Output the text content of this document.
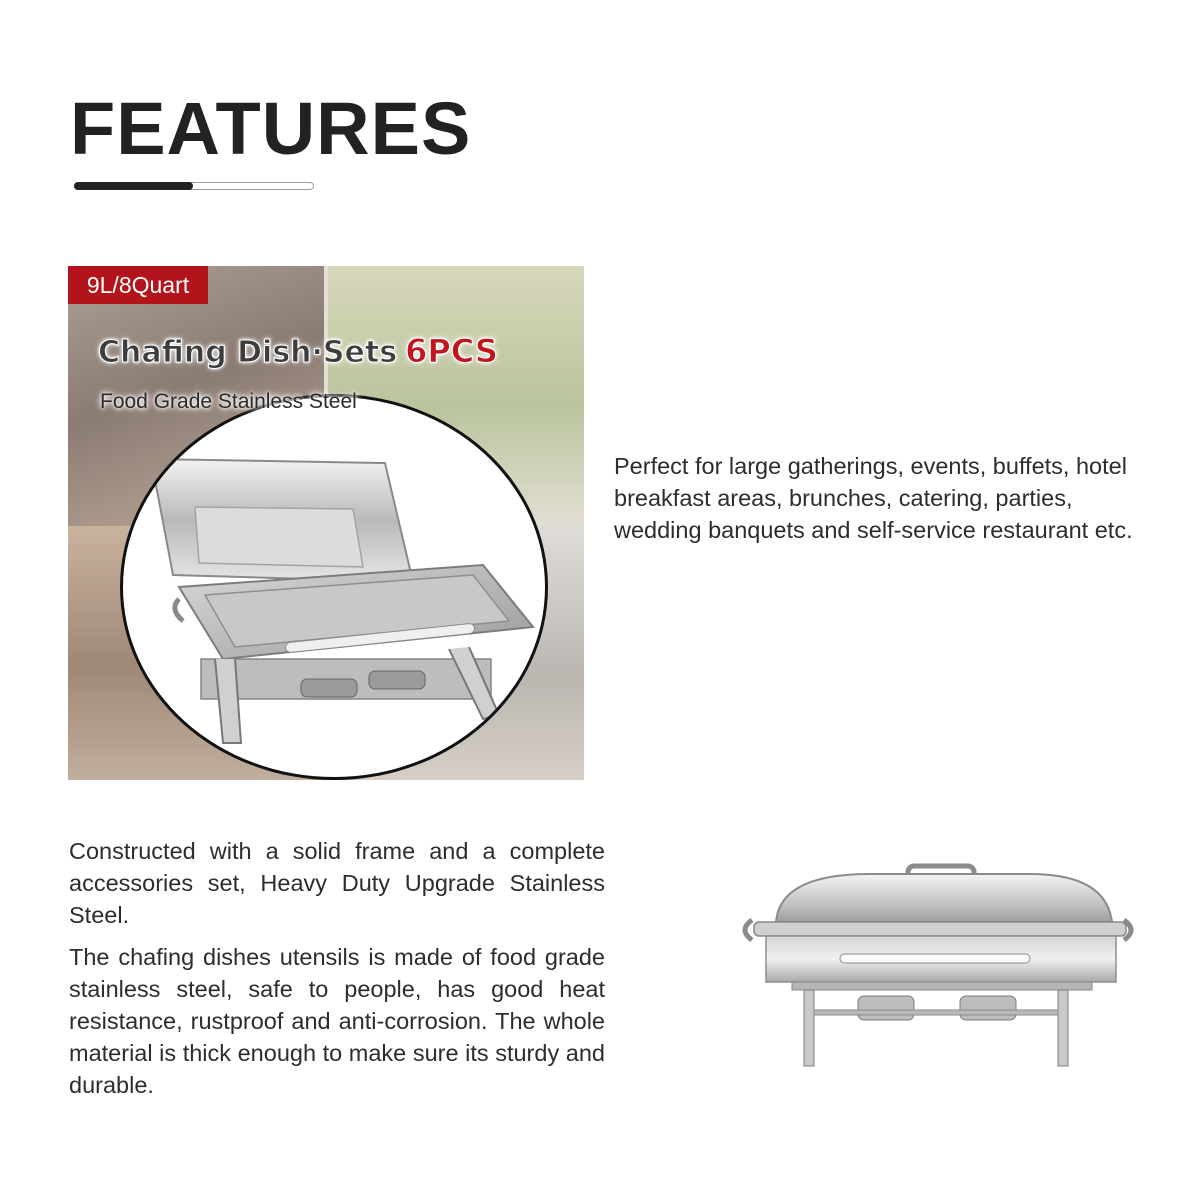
FEATURES
9L/8Quart
Chafing Dish·Sets 6PCS
Food Grade Stainless Steel

Perfect for large gatherings, events, buffets, hotel breakfast areas, brunches, catering, parties, wedding banquets and self-service restaurant etc.

Constructed with a solid frame and a complete accessories set, Heavy Duty Upgrade Stainless Steel.

The chafing dishes utensils is made of food grade stainless steel, safe to people, has good heat resistance, rustproof and anti-corrosion. The whole material is thick enough to make sure its sturdy and durable.
